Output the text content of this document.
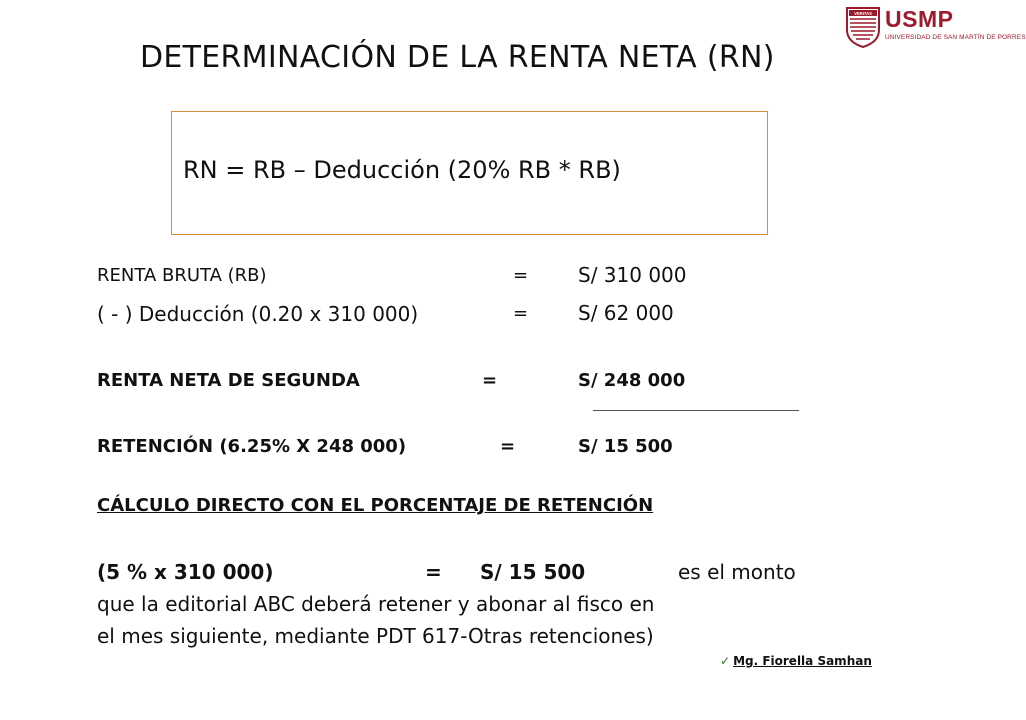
VERITAS USMP
UNIVERSIDAD DE SAN MARTÍN DE PORRES
DETERMINACIÓN DE LA RENTA NETA (RN)
RN = RB – Deducción (20% RB * RB)
RENTA BRUTA (RB)	= S/ 310 000
( - ) Deducción (0.20 x 310 000)	= S/ 62 000
RENTA NETA DE SEGUNDA	=	S/ 248 000
RETENCIÓN (6.25% X 248 000)	=	S/ 15 500
CÁLCULO DIRECTO CON EL PORCENTAJE DE RETENCIÓN
(5 % x 310 000)	= S/ 15 500	es el monto
que la editorial ABC deberá retener y abonar al fisco en
el mes siguiente, mediante PDT 617-Otras retenciones)
✓ Mg. Fiorella Samhan
